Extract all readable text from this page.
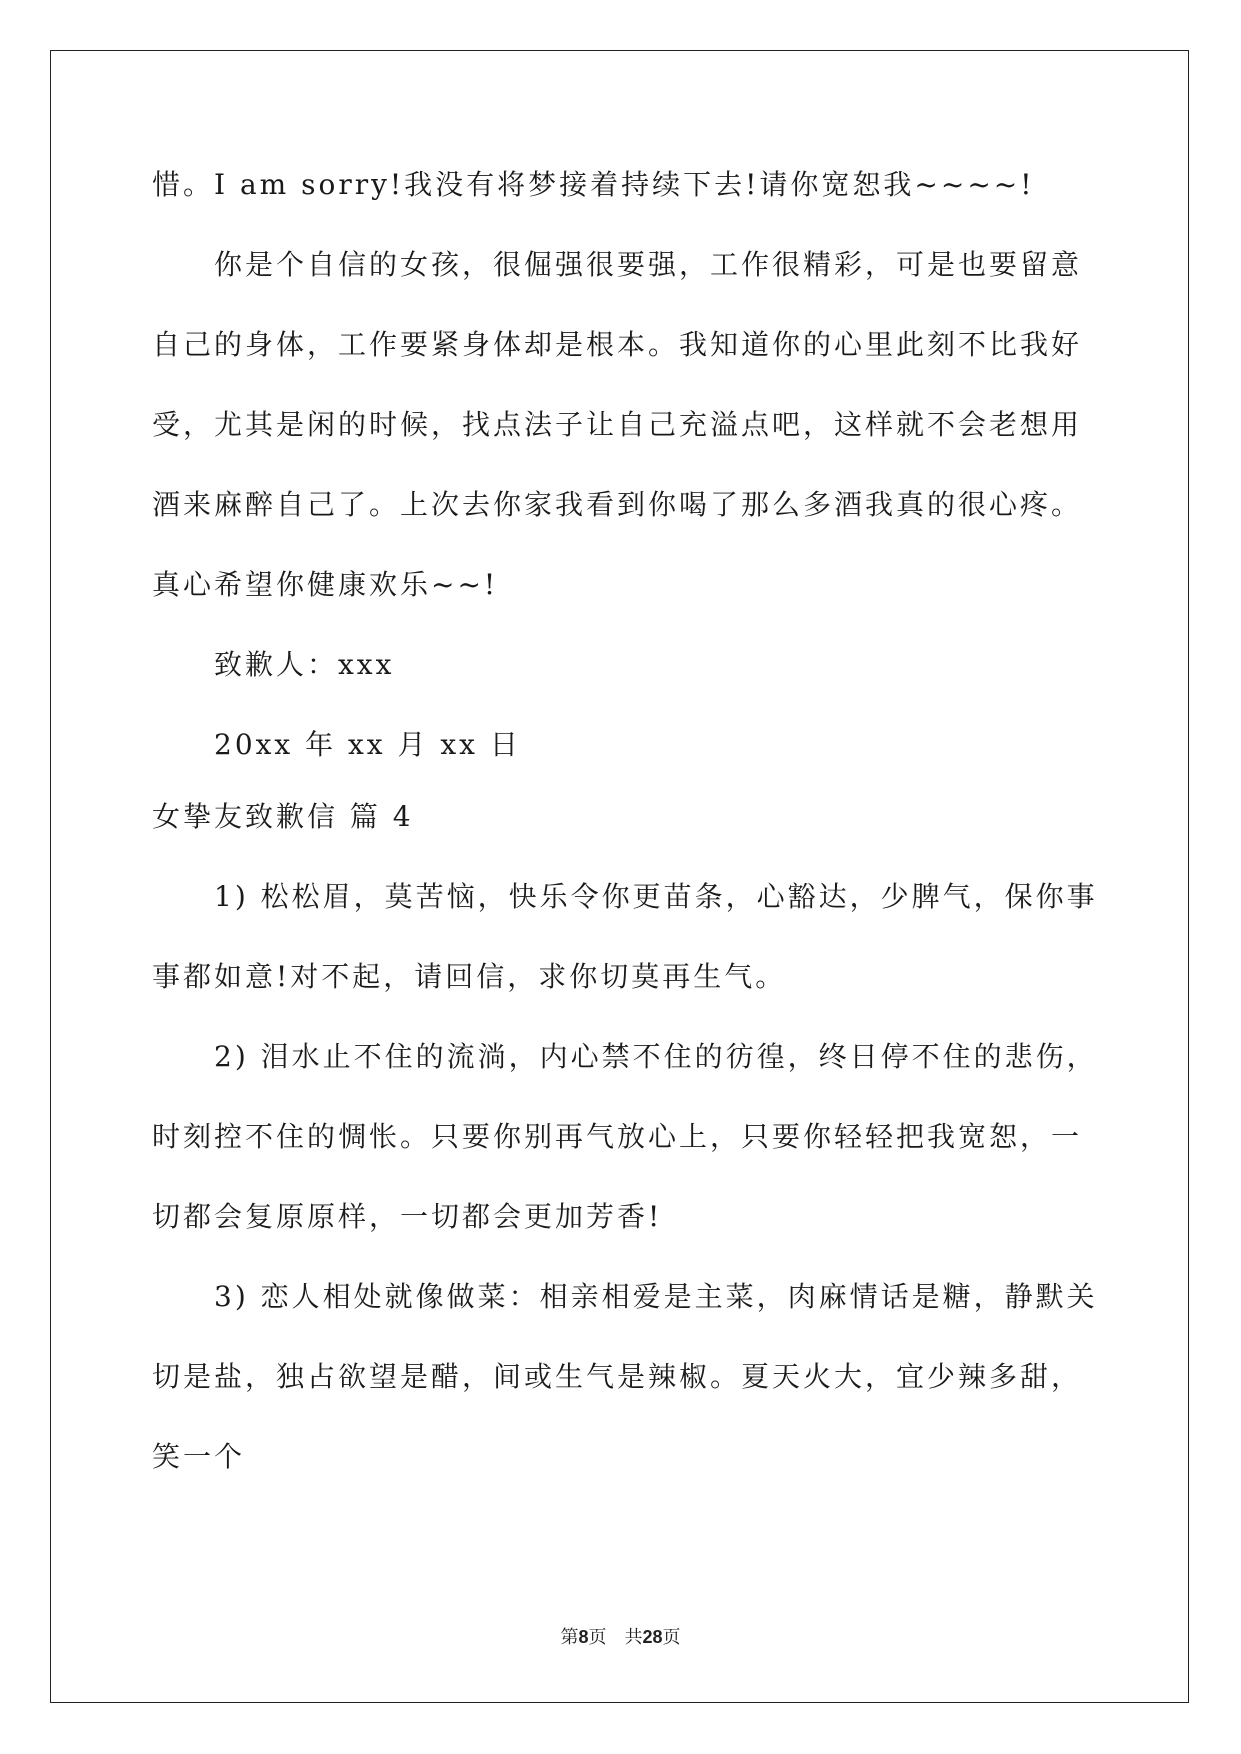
惜。I am sorry!我没有将梦接着持续下去!请你宽恕我~~~~!
你是个自信的女孩，很倔强很要强，工作很精彩，可是也要留意
自己的身体，工作要紧身体却是根本。我知道你的心里此刻不比我好
受，尤其是闲的时候，找点法子让自己充溢点吧，这样就不会老想用
酒来麻醉自己了。上次去你家我看到你喝了那么多酒我真的很心疼。
真心希望你健康欢乐~~!
致歉人：xxx
20xx 年 xx 月 xx 日
女挚友致歉信 篇 4
1) 松松眉，莫苦恼，快乐令你更苗条，心豁达，少脾气，保你事
事都如意!对不起，请回信，求你切莫再生气。
2) 泪水止不住的流淌，内心禁不住的彷徨，终日停不住的悲伤，
时刻控不住的惆怅。只要你别再气放心上，只要你轻轻把我宽恕，一
切都会复原原样，一切都会更加芳香!
3) 恋人相处就像做菜：相亲相爱是主菜，肉麻情话是糖，静默关
切是盐，独占欲望是醋，间或生气是辣椒。夏天火大，宜少辣多甜，
笑一个
第8页 共28页
